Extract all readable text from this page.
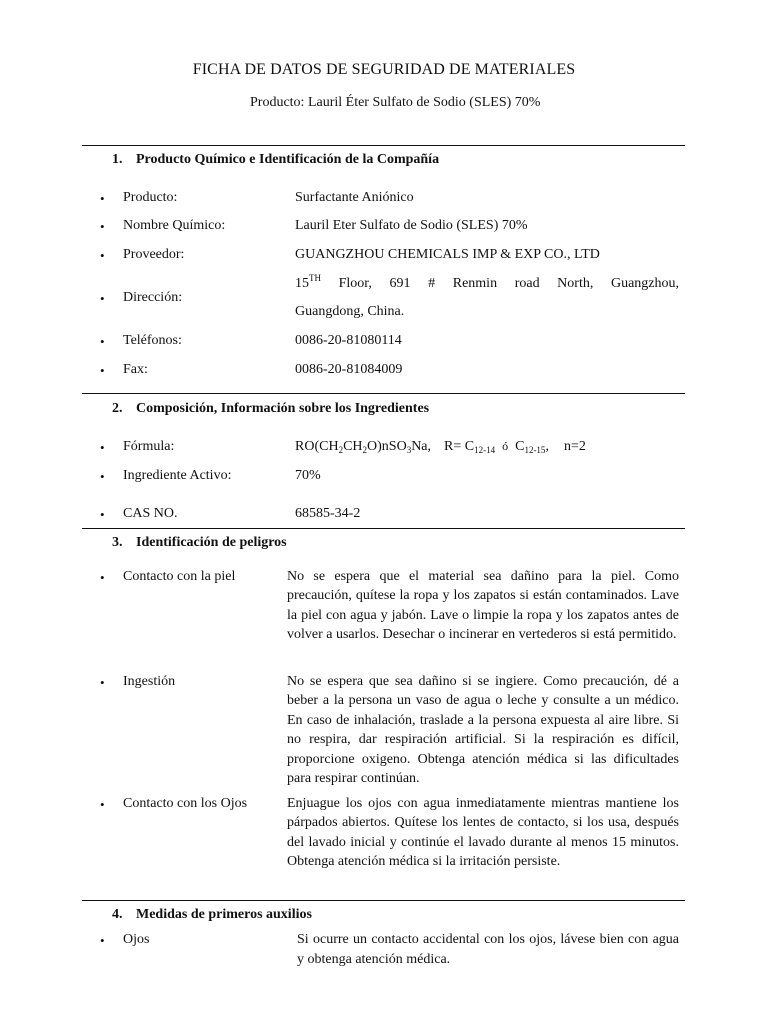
FICHA DE DATOS DE SEGURIDAD DE MATERIALES
Producto: Lauril Éter Sulfato de Sodio (SLES) 70%
1. Producto Químico e Identificación de la Compañía
• Producto:	Surfactante Aniónico
• Nombre Químico:	Lauril Eter Sulfato de Sodio (SLES) 70%
• Proveedor:	GUANGZHOU CHEMICALS IMP & EXP CO., LTD
• Dirección:
15TH Floor, 691 # Renmin road North, Guangzhou,
Guangdong, China.
• Teléfonos:	0086-20-81080114
• Fax:	0086-20-81084009
2. Composición, Información sobre los Ingredientes
• Fórmula:	$RO(CH_2CH_2O)nSO_3Na$, $R= C_{12-14}$ ó $C_{12-15}$, n=2
• Ingrediente Activo:	70%
• CAS NO.	68585-34-2
3. Identificación de peligros
• Contacto con la piel	No se espera que el material sea dañino para la piel. Como precaución, quítese la ropa y los zapatos si están contaminados. Lave la piel con agua y jabón. Lave o limpie la ropa y los zapatos antes de volver a usarlos. Desechar o incinerar en vertederos si está permitido.
• Ingestión	No se espera que sea dañino si se ingiere. Como precaución, dé a beber a la persona un vaso de agua o leche y consulte a un médico. En caso de inhalación, traslade a la persona expuesta al aire libre. Si no respira, dar respiración artificial. Si la respiración es difícil, proporcione oxigeno. Obtenga atención médica si las dificultades para respirar continúan.
• Contacto con los Ojos	Enjuague los ojos con agua inmediatamente mientras mantiene los párpados abiertos. Quítese los lentes de contacto, si los usa, después del lavado inicial y continúe el lavado durante al menos 15 minutos. Obtenga atención médica si la irritación persiste.
4. Medidas de primeros auxilios
• Ojos	Si ocurre un contacto accidental con los ojos, lávese bien con agua y obtenga atención médica.
